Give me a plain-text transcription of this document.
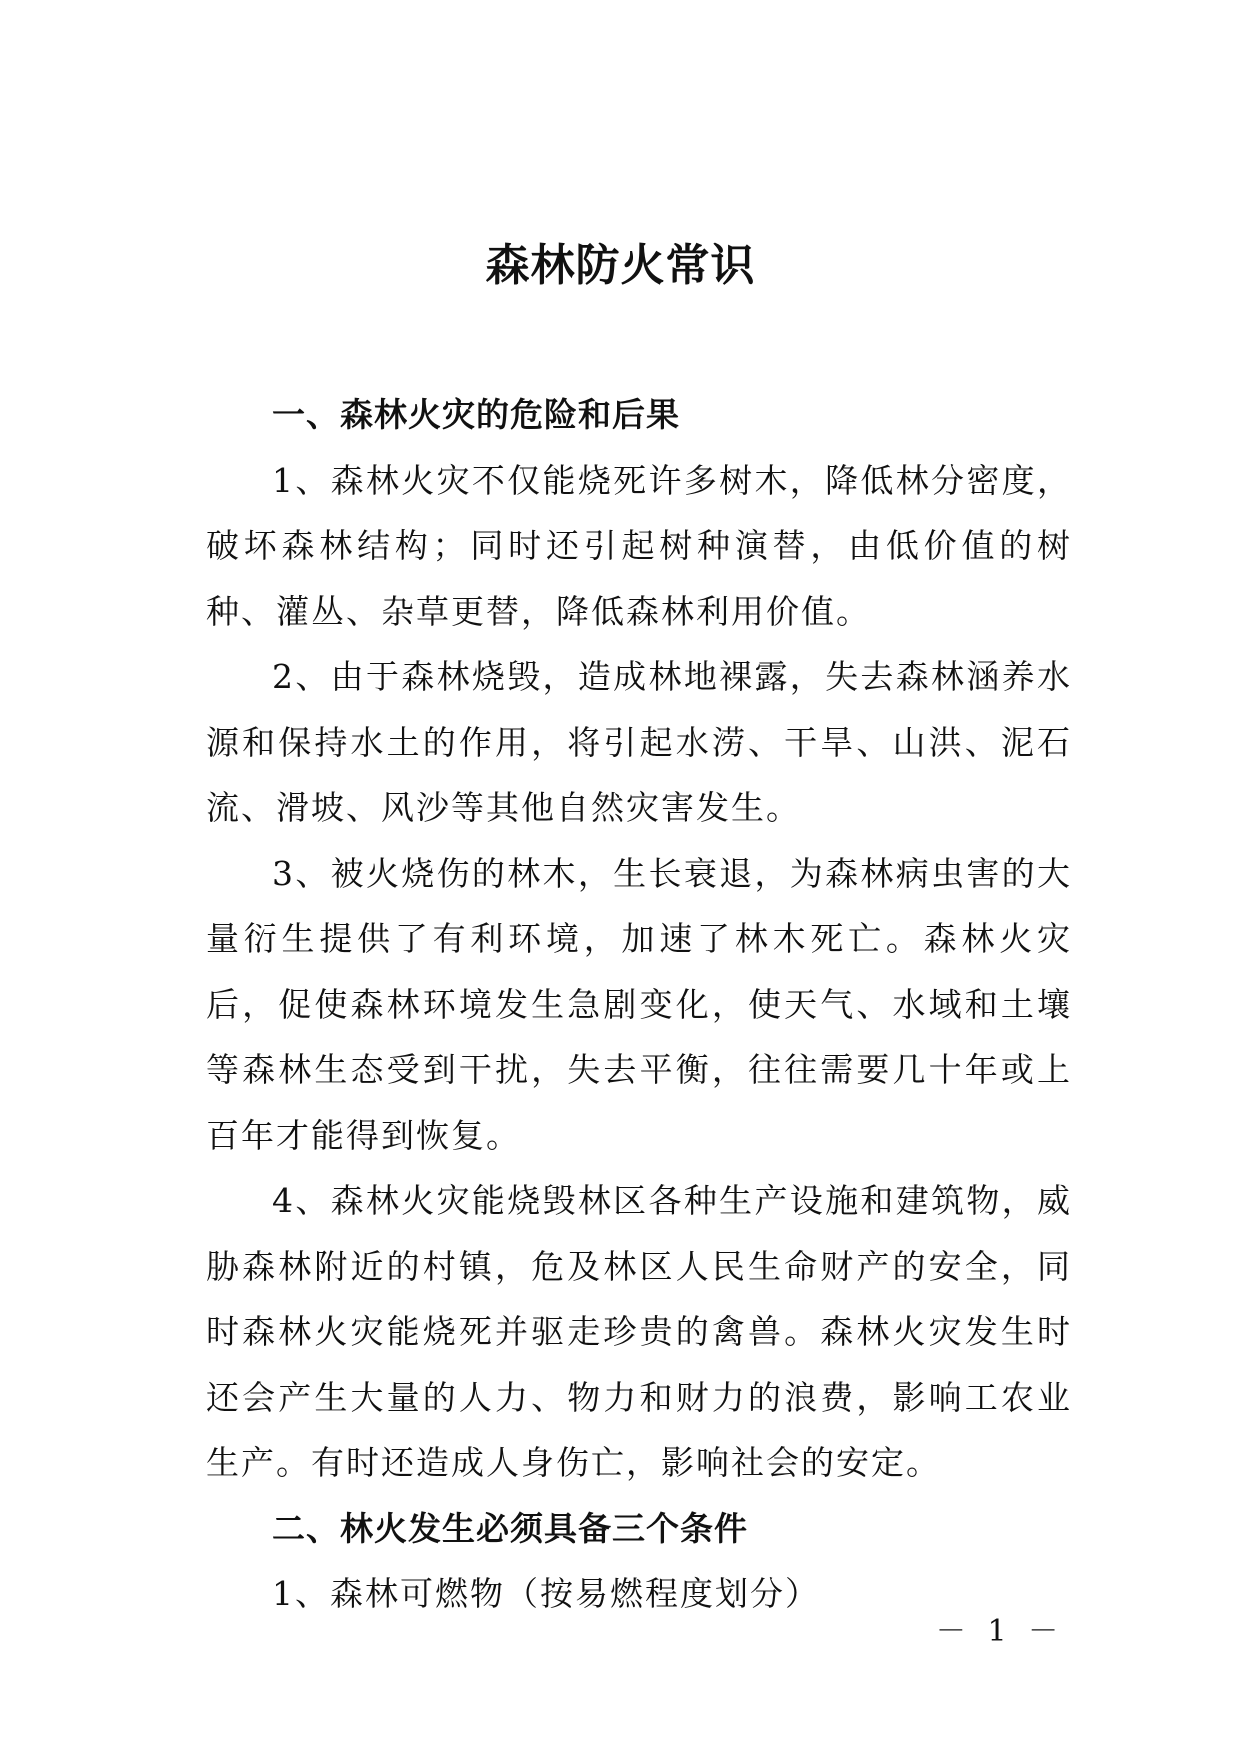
森林防火常识

一、森林火灾的危险和后果

1、森林火灾不仅能烧死许多树木，降低林分密度，破坏森林结构；同时还引起树种演替，由低价值的树种、灌丛、杂草更替，降低森林利用价值。

2、由于森林烧毁，造成林地裸露，失去森林涵养水源和保持水土的作用，将引起水涝、干旱、山洪、泥石流、滑坡、风沙等其他自然灾害发生。

3、被火烧伤的林木，生长衰退，为森林病虫害的大量衍生提供了有利环境，加速了林木死亡。森林火灾后，促使森林环境发生急剧变化，使天气、水域和土壤等森林生态受到干扰，失去平衡，往往需要几十年或上百年才能得到恢复。

4、森林火灾能烧毁林区各种生产设施和建筑物，威胁森林附近的村镇，危及林区人民生命财产的安全，同时森林火灾能烧死并驱走珍贵的禽兽。森林火灾发生时还会产生大量的人力、物力和财力的浪费，影响工农业生产。有时还造成人身伤亡，影响社会的安定。

二、林火发生必须具备三个条件

1、森林可燃物（按易燃程度划分）

－ 1 －
